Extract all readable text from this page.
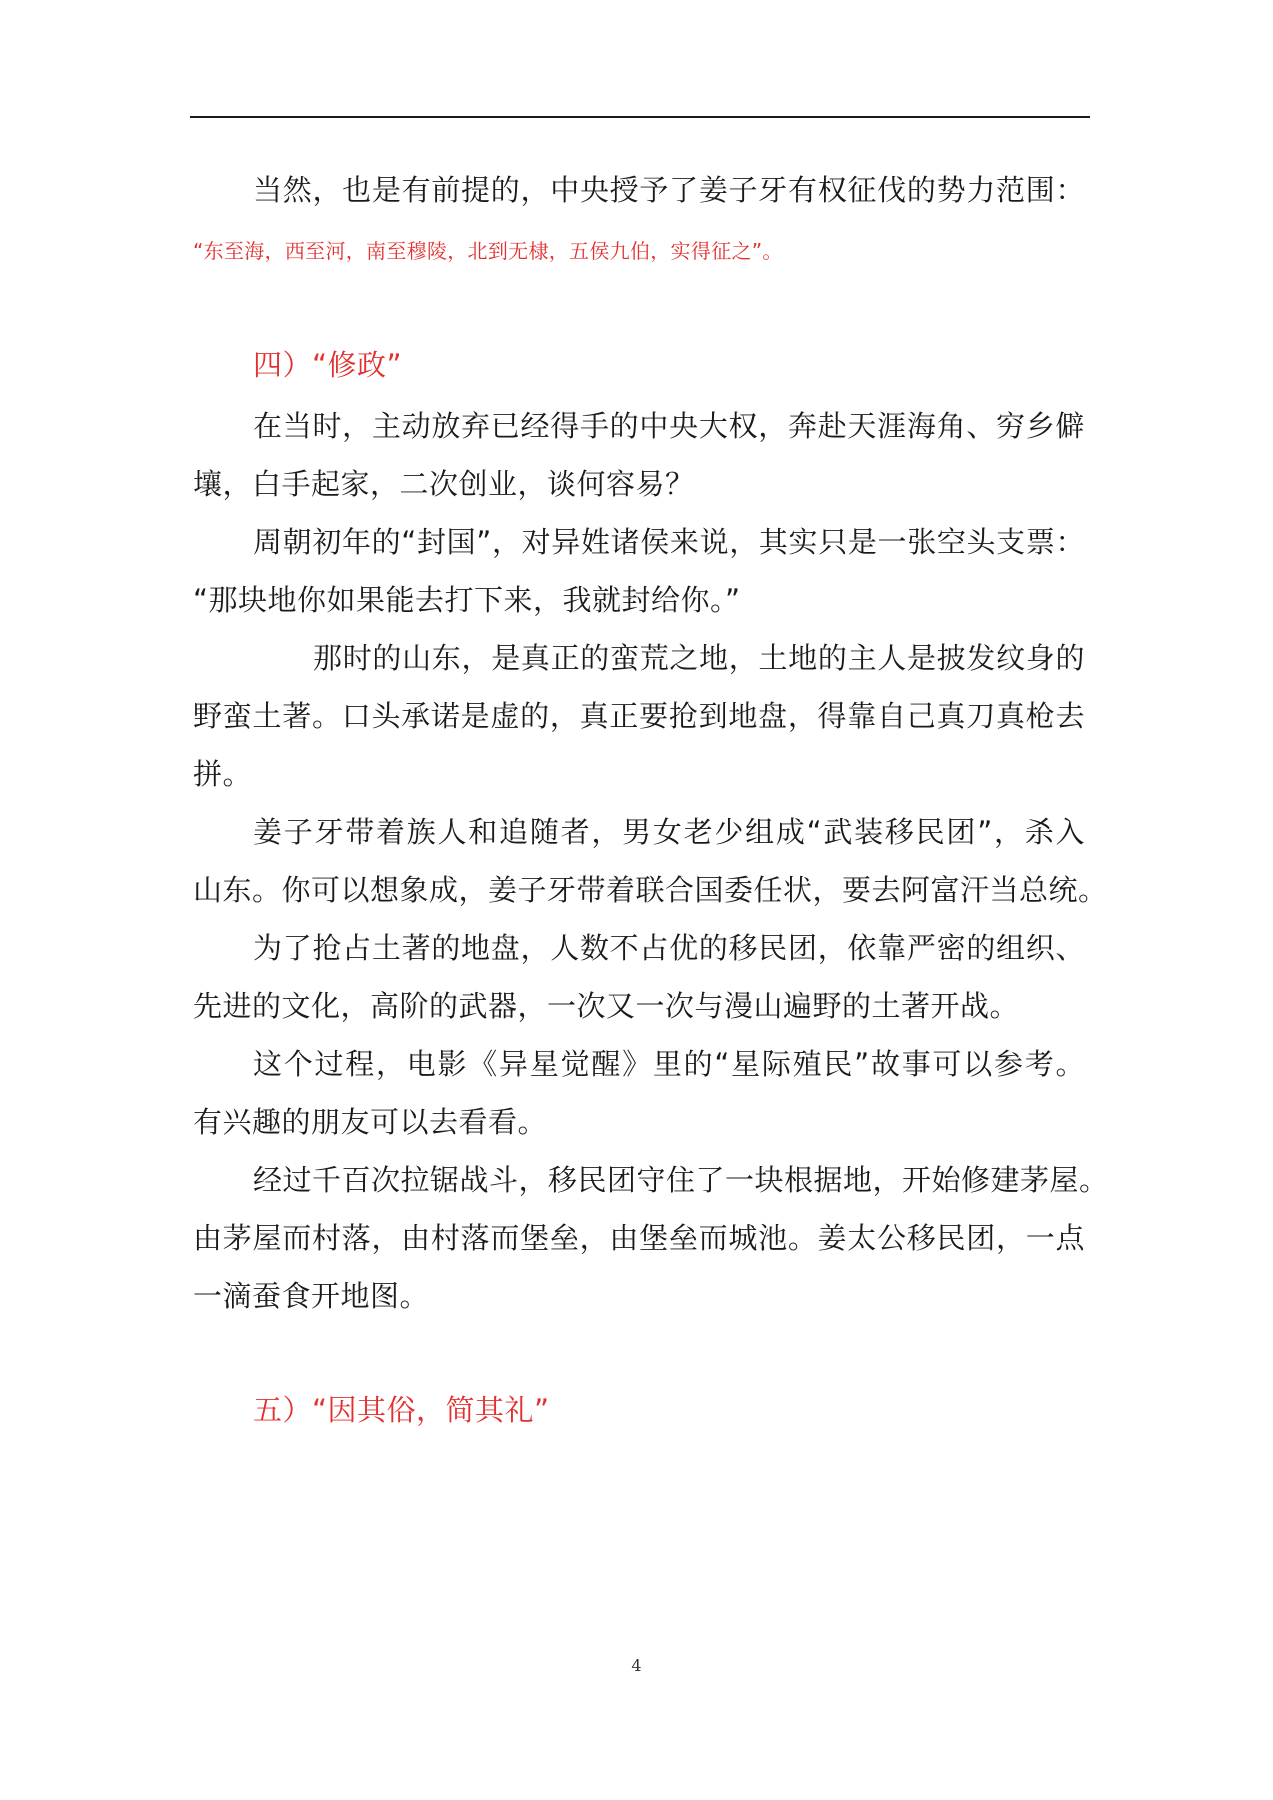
当然，也是有前提的，中央授予了姜子牙有权征伐的势力范围：
“东至海，西至河，南至穆陵，北到无棣，五侯九伯，实得征之”。
四）“修政”
在当时，主动放弃已经得手的中央大权，奔赴天涯海角、穷乡僻
壤，白手起家，二次创业，谈何容易？
周朝初年的“封国”，对异姓诸侯来说，其实只是一张空头支票：
“那块地你如果能去打下来，我就封给你。”
那时的山东，是真正的蛮荒之地，土地的主人是披发纹身的
野蛮土著。口头承诺是虚的，真正要抢到地盘，得靠自己真刀真枪去
拼。
姜子牙带着族人和追随者，男女老少组成“武装移民团”，杀入
山东。你可以想象成，姜子牙带着联合国委任状，要去阿富汗当总统。
为了抢占土著的地盘，人数不占优的移民团，依靠严密的组织、
先进的文化，高阶的武器，一次又一次与漫山遍野的土著开战。
这个过程，电影《异星觉醒》里的“星际殖民”故事可以参考。
有兴趣的朋友可以去看看。
经过千百次拉锯战斗，移民团守住了一块根据地，开始修建茅屋。
由茅屋而村落，由村落而堡垒，由堡垒而城池。姜太公移民团，一点
一滴蚕食开地图。
五）“因其俗，简其礼”
4
